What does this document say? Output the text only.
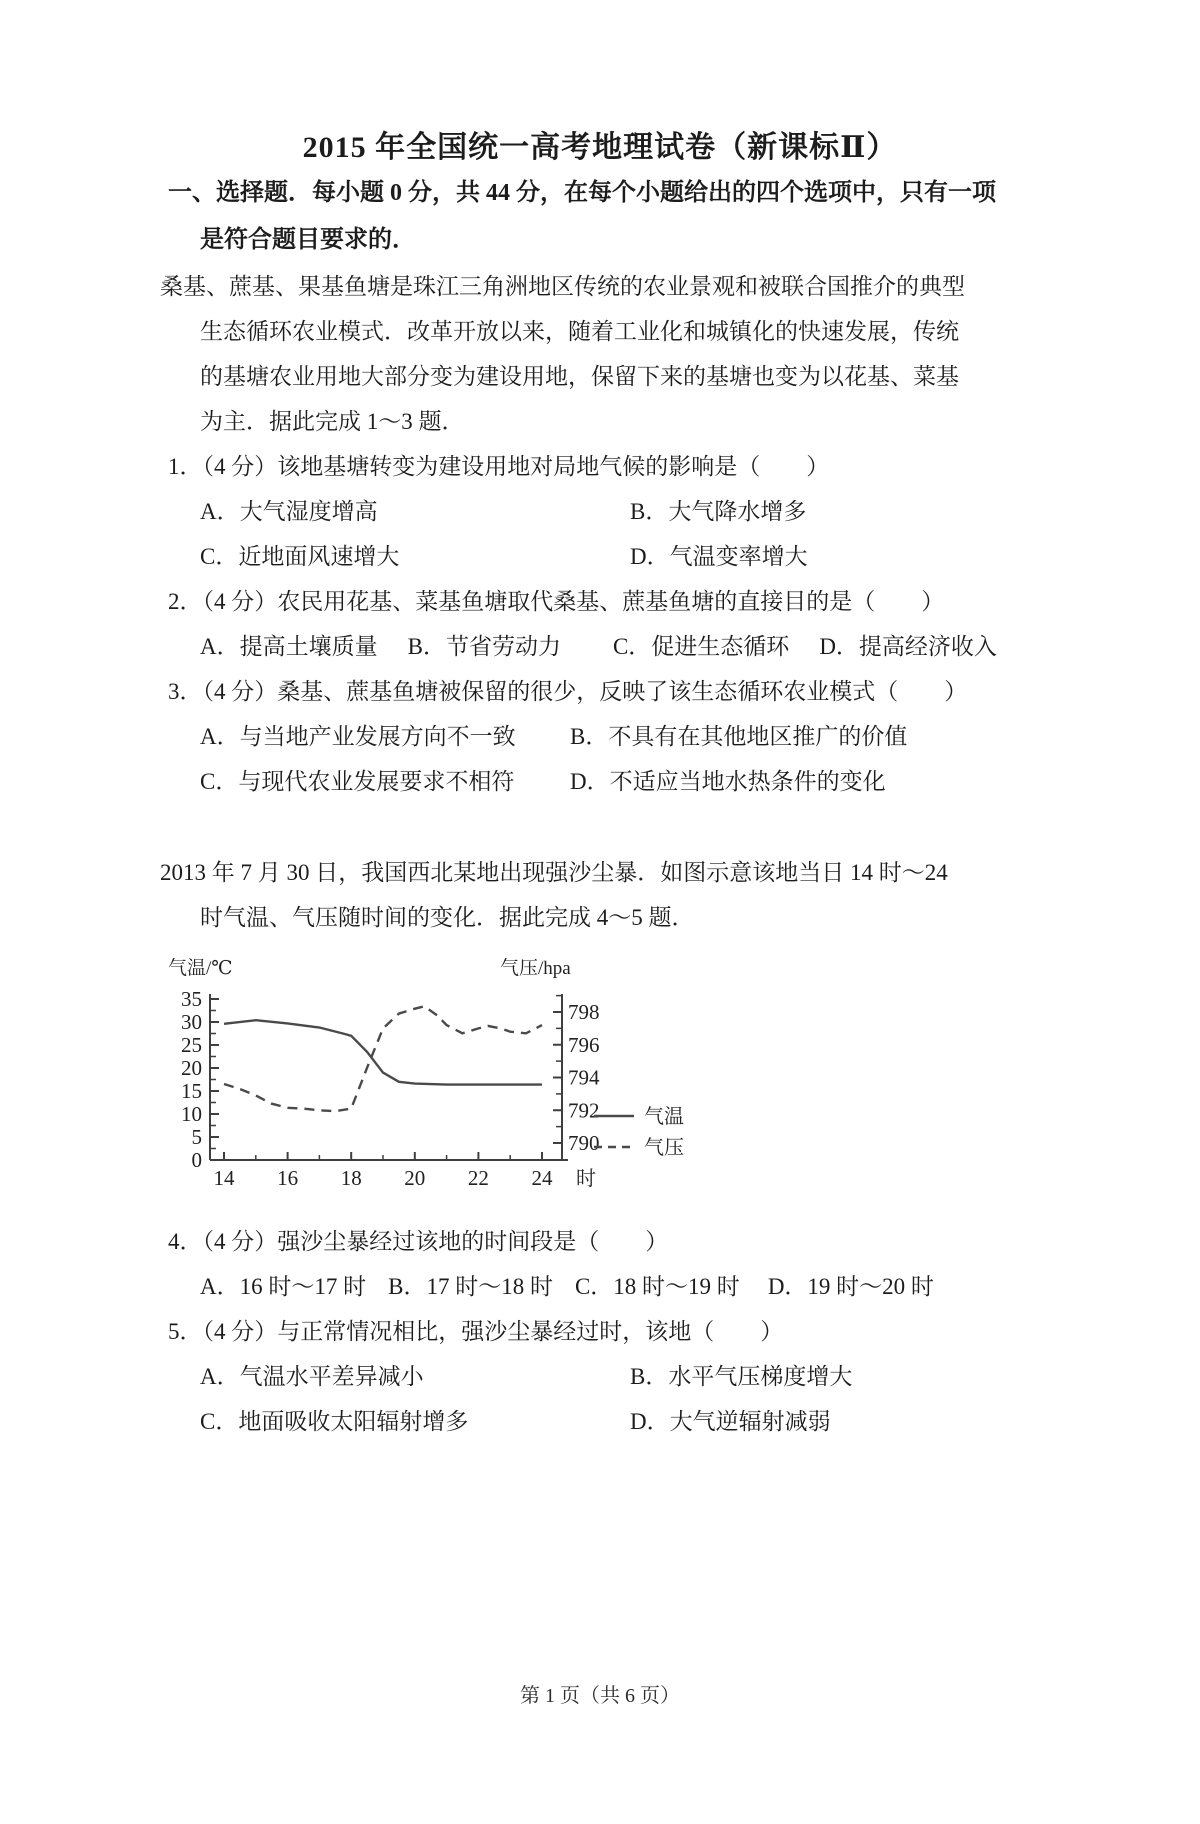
2015 年全国统一高考地理试卷（新课标Ⅱ）
一、选择题．每小题 0 分，共 44 分，在每个小题给出的四个选项中，只有一项
是符合题目要求的．
桑基、蔗基、果基鱼塘是珠江三角洲地区传统的农业景观和被联合国推介的典型
生态循环农业模式．改革开放以来，随着工业化和城镇化的快速发展，传统
的基塘农业用地大部分变为建设用地，保留下来的基塘也变为以花基、菜基
为主．据此完成 1～3 题．
1．（4 分）该地基塘转变为建设用地对局地气候的影响是（　　）
A．大气湿度增高	B．大气降水增多
C．近地面风速增大	D．气温变率增大
2．（4 分）农民用花基、菜基鱼塘取代桑基、蔗基鱼塘的直接目的是（　　）
A．提高土壤质量 B．节省劳动力 C．促进生态循环 D．提高经济收入
3．（4 分）桑基、蔗基鱼塘被保留的很少，反映了该生态循环农业模式（　　）
A．与当地产业发展方向不一致	B．不具有在其他地区推广的价值
C．与现代农业发展要求不相符	D．不适应当地水热条件的变化
2013 年 7 月 30 日，我国西北某地出现强沙尘暴．如图示意该地当日 14 时～24
时气温、气压随时间的变化．据此完成 4～5 题．
0
5
10
15
20
25
30
35
790
792
794
796
798
14 16 18 20 22 24
气温/℃	气压/hpa
时
气温
气压
4．（4 分）强沙尘暴经过该地的时间段是（　　）
A．16 时～17 时 B．17 时～18 时 C．18 时～19 时 D．19 时～20 时
5．（4 分）与正常情况相比，强沙尘暴经过时，该地（　　）
A．气温水平差异减小	B．水平气压梯度增大
C．地面吸收太阳辐射增多	D．大气逆辐射减弱
第 1 页（共 6 页）
